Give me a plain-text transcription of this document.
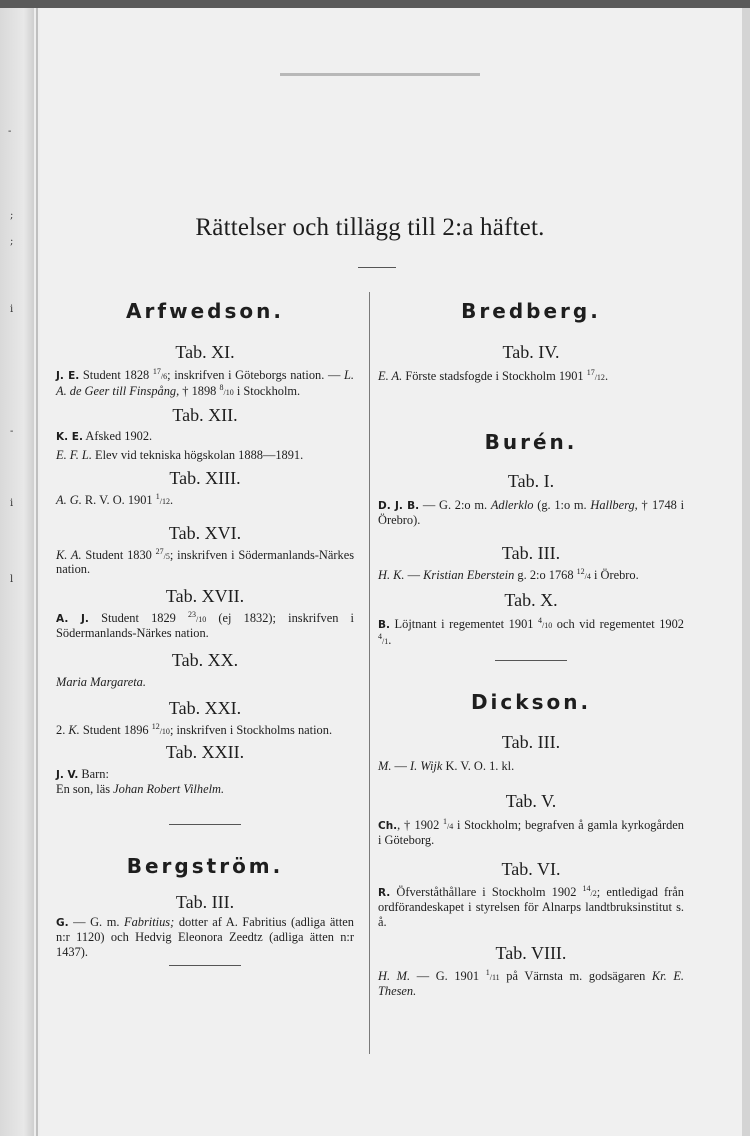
-
;
;
i
-
i
l
Rättelser och tillägg till 2:a häftet.
Arfwedson.

Tab. XI.

J. E. Student 1828 $^{17}$/6; inskrifven i Göteborgs nation. — L. A. de Geer till Finspång, † 1898 $^8$/10 i Stockholm.

Tab. XII.

K. E. Afsked 1902.

E. F. L. Elev vid tekniska högskolan 1888—1891.

Tab. XIII.

A. G. R. V. O. 1901 $^1$/12.

Tab. XVI.

K. A. Student 1830 $^{27}$/5; inskrifven i Södermanlands-Närkes nation.

Tab. XVII.

A. J. Student 1829 $^{23}$/10 (ej 1832); inskrifven i Södermanlands-Närkes nation.

Tab. XX.

Maria Margareta.

Tab. XXI.

2. K. Student 1896 $^{12}$/10; inskrifven i Stockholms nation.

Tab. XXII.

J. V. Barn:
En son, läs Johan Robert Vilhelm.

Bergström.

Tab. III.

G. — G. m. Fabritius; dotter af A. Fabritius (adliga ätten n:r 1120) och Hedvig Eleonora Zeedtz (adliga ätten n:r 1437).

Bredberg.

Tab. IV.

E. A. Förste stadsfogde i Stockholm 1901 $^{17}$/12.

Burén.

Tab. I.

D. J. B. — G. 2:o m. Adlerklo (g. 1:o m. Hallberg, † 1748 i Örebro).

Tab. III.

H. K. — Kristian Eberstein g. 2:o 1768 $^{12}$/4 i Örebro.

Tab. X.

B. Löjtnant i regementet 1901 $^4$/10 och vid regementet 1902 $^4$/1.

Dickson.

Tab. III.

M. — I. Wijk K. V. O. 1. kl.

Tab. V.

Ch., † 1902 $^1$/4 i Stockholm; begrafven å gamla kyrkogården i Göteborg.

Tab. VI.

R. Öfverståthållare i Stockholm 1902 $^{14}$/2; entledigad från ordförandeskapet i styrelsen för Alnarps landtbruksinstitut s. å.

Tab. VIII.

H. M. — G. 1901 $^1$/11 på Värnsta m. godsägaren Kr. E. Thesen.
